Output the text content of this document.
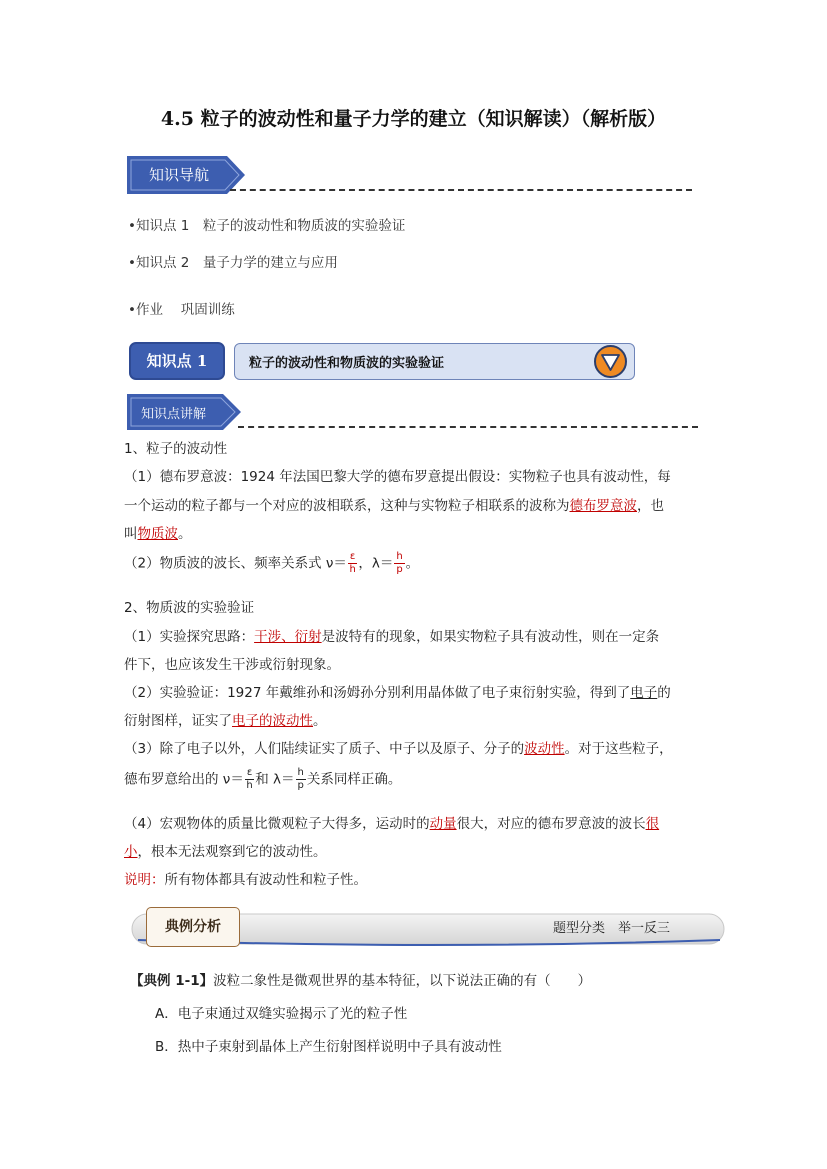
4.5 粒子的波动性和量子力学的建立（知识解读）（解析版）
知识导航
•知识点 1　粒子的波动性和物质波的实验验证
•知识点 2　量子力学的建立与应用
•作业　 巩固训练
知识点 1	粒子的波动性和物质波的实验验证
知识点讲解
1、粒子的波动性
（1）德布罗意波：1924 年法国巴黎大学的德布罗意提出假设：实物粒子也具有波动性，每
一个运动的粒子都与一个对应的波相联系，这种与实物粒子相联系的波称为德布罗意波，也
叫物质波。
（2）物质波的波长、频率关系式 $\nu= \frac{\varepsilon}{h}$ ，$\lambda= \frac{h}{p}$ 。
2、物质波的实验验证
（1）实验探究思路：干涉、衍射是波特有的现象，如果实物粒子具有波动性，则在一定条
件下，也应该发生干涉或衍射现象。
（2）实验验证：1927 年戴维孙和汤姆孙分别利用晶体做了电子束衍射实验，得到了电子的
衍射图样，证实了电子的波动性。
（3）除了电子以外，人们陆续证实了质子、中子以及原子、分子的波动性。对于这些粒子，
德布罗意给出的 $\nu= \frac{\varepsilon}{h}$ 和 $\lambda= \frac{h}{p}$ 关系同样正确。
（4）宏观物体的质量比微观粒子大得多，运动时的动量很大，对应的德布罗意波的波长很
小，根本无法观察到它的波动性。
说明：所有物体都具有波动性和粒子性。
典例分析	题型分类　举一反三
【典例 1-1】波粒二象性是微观世界的基本特征，以下说法正确的有（　　）
A．电子束通过双缝实验揭示了光的粒子性
B．热中子束射到晶体上产生衍射图样说明中子具有波动性
